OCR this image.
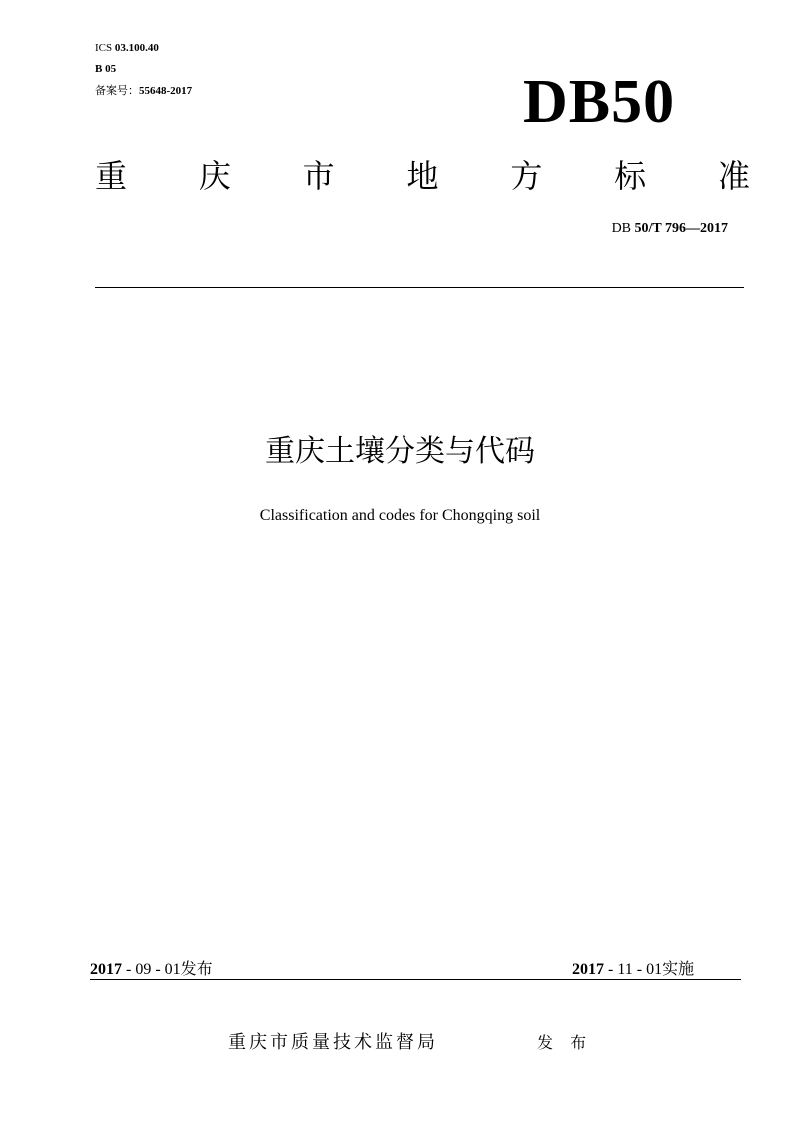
ICS 03.100.40
B 05
备案号：55648-2017	DB50
重 庆 市 地 方 标 准
DB 50/T 796—2017
重庆土壤分类与代码
Classification and codes for Chongqing soil
2017 - 09 - 01发布	2017 - 11 - 01实施
重庆市质量技术监督局	发 布
